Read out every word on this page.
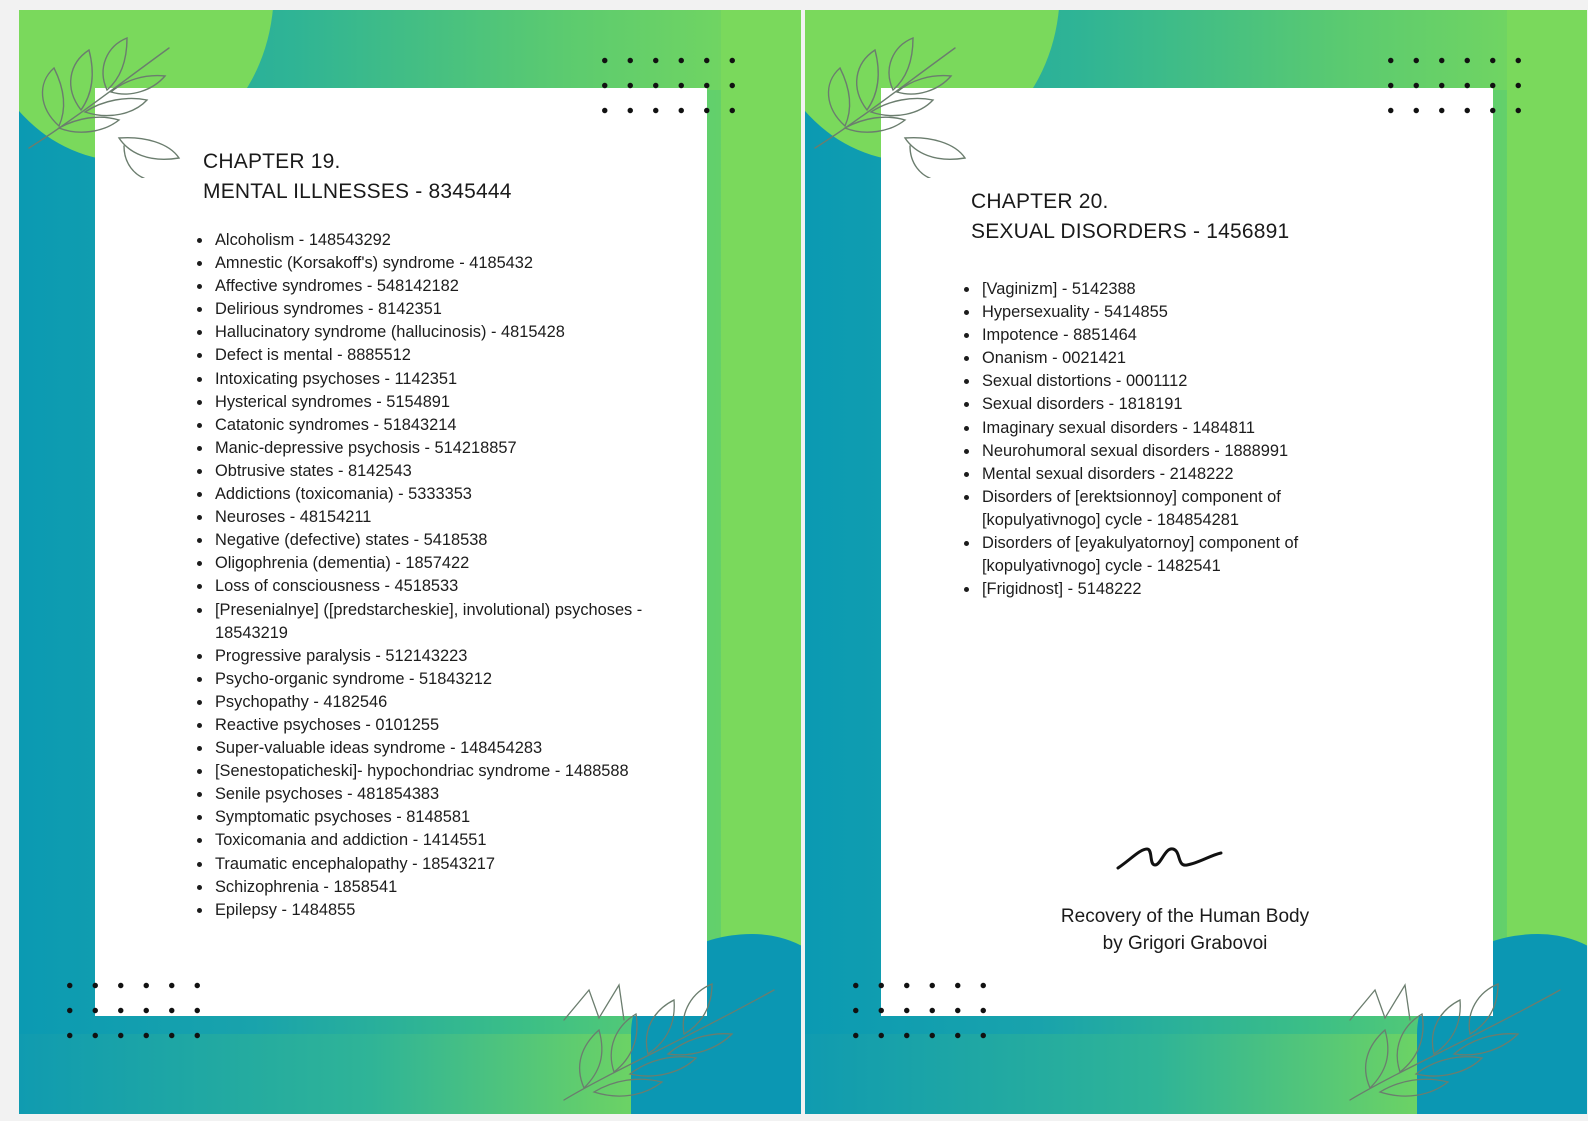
CHAPTER 19.
MENTAL ILLNESSES - 8345444
• Alcoholism - 148543292
• Amnestic (Korsakoff's) syndrome - 4185432
• Affective syndromes - 548142182
• Delirious syndromes - 8142351
• Hallucinatory syndrome (hallucinosis) - 4815428
• Defect is mental - 8885512
• Intoxicating psychoses - 1142351
• Hysterical syndromes - 5154891
• Catatonic syndromes - 51843214
• Manic-depressive psychosis - 514218857
• Obtrusive states - 8142543
• Addictions (toxicomania) - 5333353
• Neuroses - 48154211
• Negative (defective) states - 5418538
• Oligophrenia (dementia) - 1857422
• Loss of consciousness - 4518533
• [Presenialnye] ([predstarcheskie], involutional) psychoses - 18543219
• Progressive paralysis - 512143223
• Psycho-organic syndrome - 51843212
• Psychopathy - 4182546
• Reactive psychoses - 0101255
• Super-valuable ideas syndrome - 148454283
• [Senestopaticheski]- hypochondriac syndrome - 1488588
• Senile psychoses - 481854383
• Symptomatic psychoses - 8148581
• Toxicomania and addiction - 1414551
• Traumatic encephalopathy - 18543217
• Schizophrenia - 1858541
• Epilepsy - 1484855
CHAPTER 20.
SEXUAL DISORDERS - 1456891
• [Vaginizm] - 5142388
• Hypersexuality - 5414855
• Impotence - 8851464
• Onanism - 0021421
• Sexual distortions - 0001112
• Sexual disorders - 1818191
• Imaginary sexual disorders - 1484811
• Neurohumoral sexual disorders - 1888991
• Mental sexual disorders - 2148222
• Disorders of [erektsionnoy] component of [kopulyativnogo] cycle - 184854281
• Disorders of [eyakulyatornoy] component of [kopulyativnogo] cycle - 1482541
• [Frigidnost] - 5148222
Recovery of the Human Body
by Grigori Grabovoi
